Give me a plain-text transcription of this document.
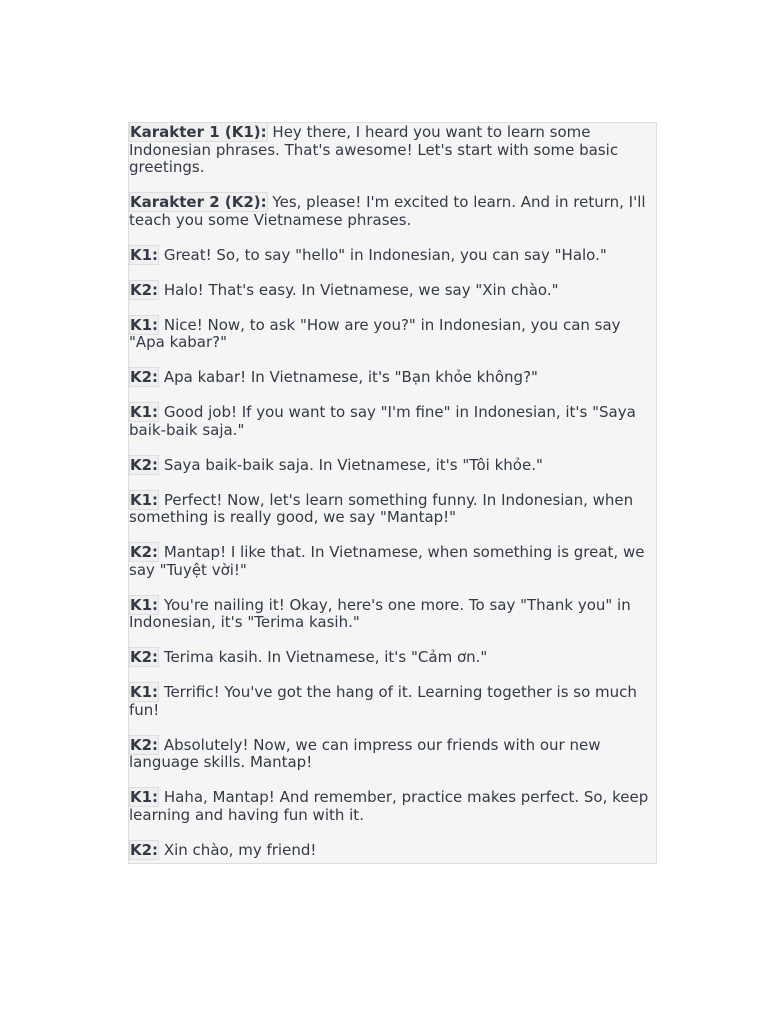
Karakter 1 (K1): Hey there, I heard you want to learn some Indonesian phrases. That's awesome! Let's start with some basic greetings.

Karakter 2 (K2): Yes, please! I'm excited to learn. And in return, I'll teach you some Vietnamese phrases.

K1: Great! So, to say "hello" in Indonesian, you can say "Halo."

K2: Halo! That's easy. In Vietnamese, we say "Xin chào."

K1: Nice! Now, to ask "How are you?" in Indonesian, you can say "Apa kabar?"

K2: Apa kabar! In Vietnamese, it's "Bạn khỏe không?"

K1: Good job! If you want to say "I'm fine" in Indonesian, it's "Saya baik-baik saja."

K2: Saya baik-baik saja. In Vietnamese, it's "Tôi khỏe."

K1: Perfect! Now, let's learn something funny. In Indonesian, when something is really good, we say "Mantap!"

K2: Mantap! I like that. In Vietnamese, when something is great, we say "Tuyệt vời!"

K1: You're nailing it! Okay, here's one more. To say "Thank you" in Indonesian, it's "Terima kasih."

K2: Terima kasih. In Vietnamese, it's "Cảm ơn."

K1: Terrific! You've got the hang of it. Learning together is so much fun!

K2: Absolutely! Now, we can impress our friends with our new language skills. Mantap!

K1: Haha, Mantap! And remember, practice makes perfect. So, keep learning and having fun with it.

K2: Xin chào, my friend!
